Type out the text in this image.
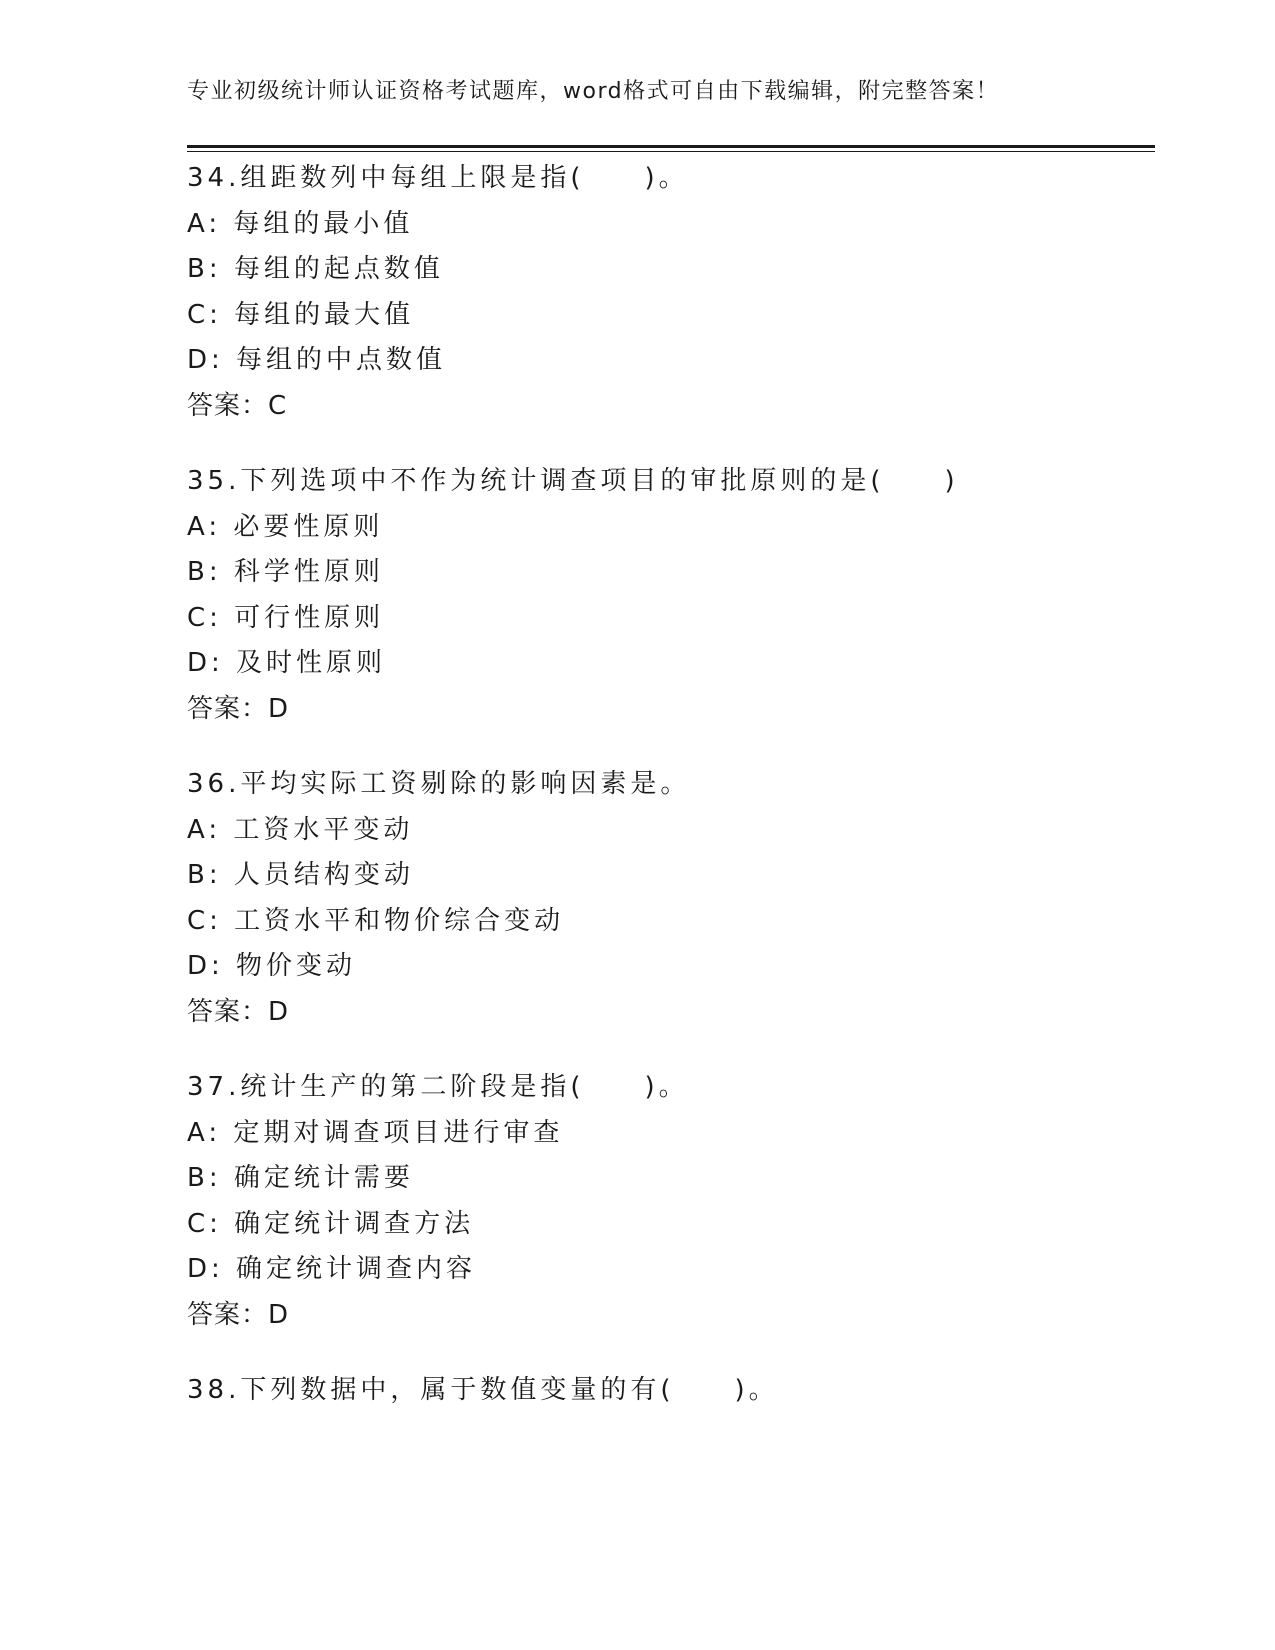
专业初级统计师认证资格考试题库，word格式可自由下载编辑，附完整答案！
34.组距数列中每组上限是指(　　)。
A: 每组的最小值
B: 每组的起点数值
C: 每组的最大值
D: 每组的中点数值
答案：C
35.下列选项中不作为统计调查项目的审批原则的是(　　)
A: 必要性原则
B: 科学性原则
C: 可行性原则
D: 及时性原则
答案：D
36.平均实际工资剔除的影响因素是。
A: 工资水平变动
B: 人员结构变动
C: 工资水平和物价综合变动
D: 物价变动
答案：D
37.统计生产的第二阶段是指(　　)。
A: 定期对调查项目进行审查
B: 确定统计需要
C: 确定统计调查方法
D: 确定统计调查内容
答案：D
38.下列数据中，属于数值变量的有(　　)。
